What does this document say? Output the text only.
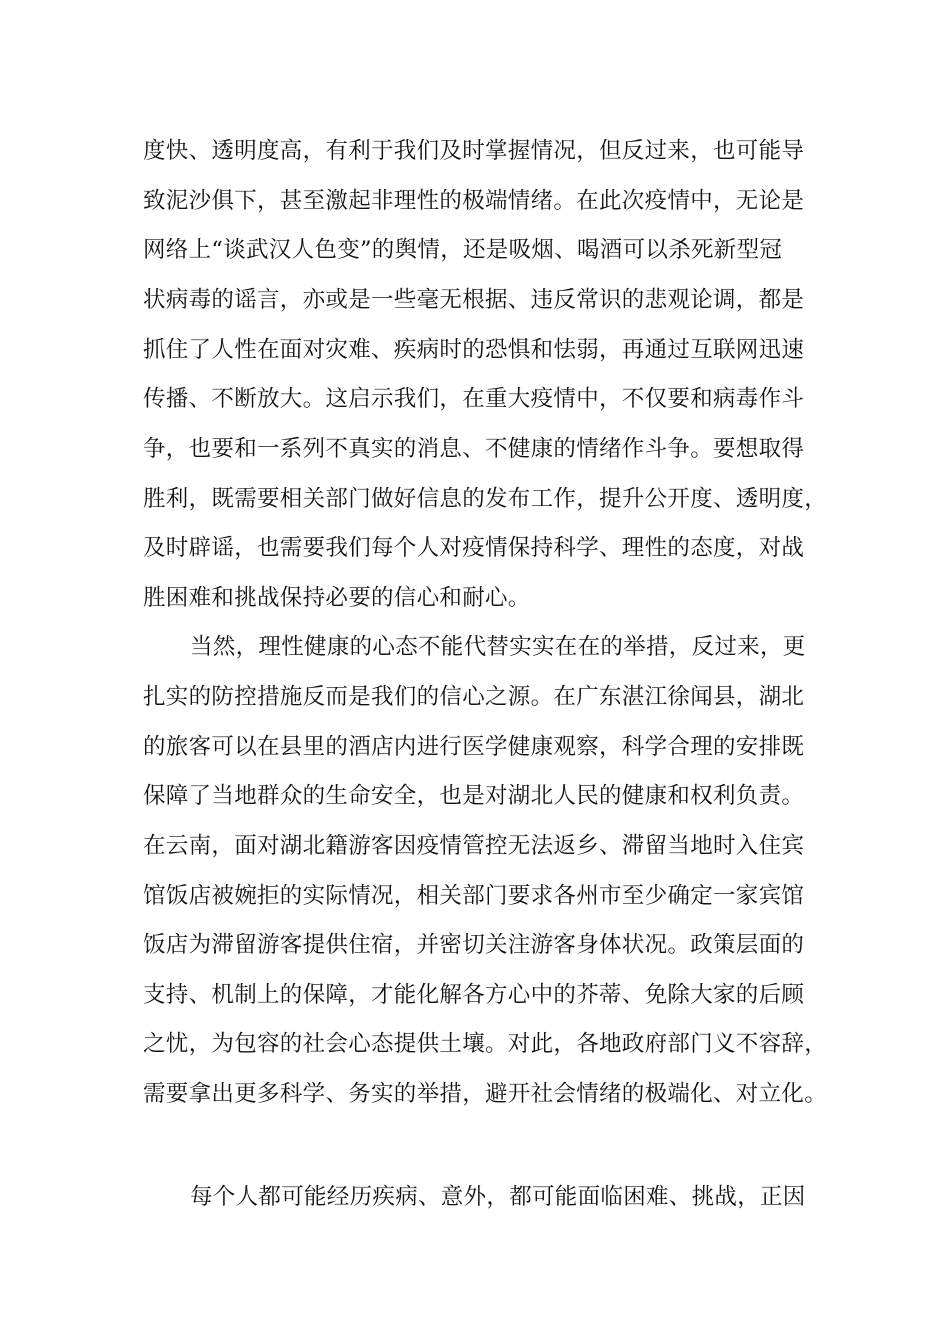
度快、透明度高，有利于我们及时掌握情况，但反过来，也可能导
致泥沙俱下，甚至激起非理性的极端情绪。在此次疫情中，无论是
网络上“谈武汉人色变”的舆情，还是吸烟、喝酒可以杀死新型冠
状病毒的谣言，亦或是一些毫无根据、违反常识的悲观论调，都是
抓住了人性在面对灾难、疾病时的恐惧和怯弱，再通过互联网迅速
传播、不断放大。这启示我们，在重大疫情中，不仅要和病毒作斗
争，也要和一系列不真实的消息、不健康的情绪作斗争。要想取得
胜利，既需要相关部门做好信息的发布工作，提升公开度、透明度，
及时辟谣，也需要我们每个人对疫情保持科学、理性的态度，对战
胜困难和挑战保持必要的信心和耐心。
当然，理性健康的心态不能代替实实在在的举措，反过来，更
扎实的防控措施反而是我们的信心之源。在广东湛江徐闻县，湖北
的旅客可以在县里的酒店内进行医学健康观察，科学合理的安排既
保障了当地群众的生命安全，也是对湖北人民的健康和权利负责。
在云南，面对湖北籍游客因疫情管控无法返乡、滞留当地时入住宾
馆饭店被婉拒的实际情况，相关部门要求各州市至少确定一家宾馆
饭店为滞留游客提供住宿，并密切关注游客身体状况。政策层面的
支持、机制上的保障，才能化解各方心中的芥蒂、免除大家的后顾
之忧，为包容的社会心态提供土壤。对此，各地政府部门义不容辞，
需要拿出更多科学、务实的举措，避开社会情绪的极端化、对立化。
每个人都可能经历疾病、意外，都可能面临困难、挑战，正因
